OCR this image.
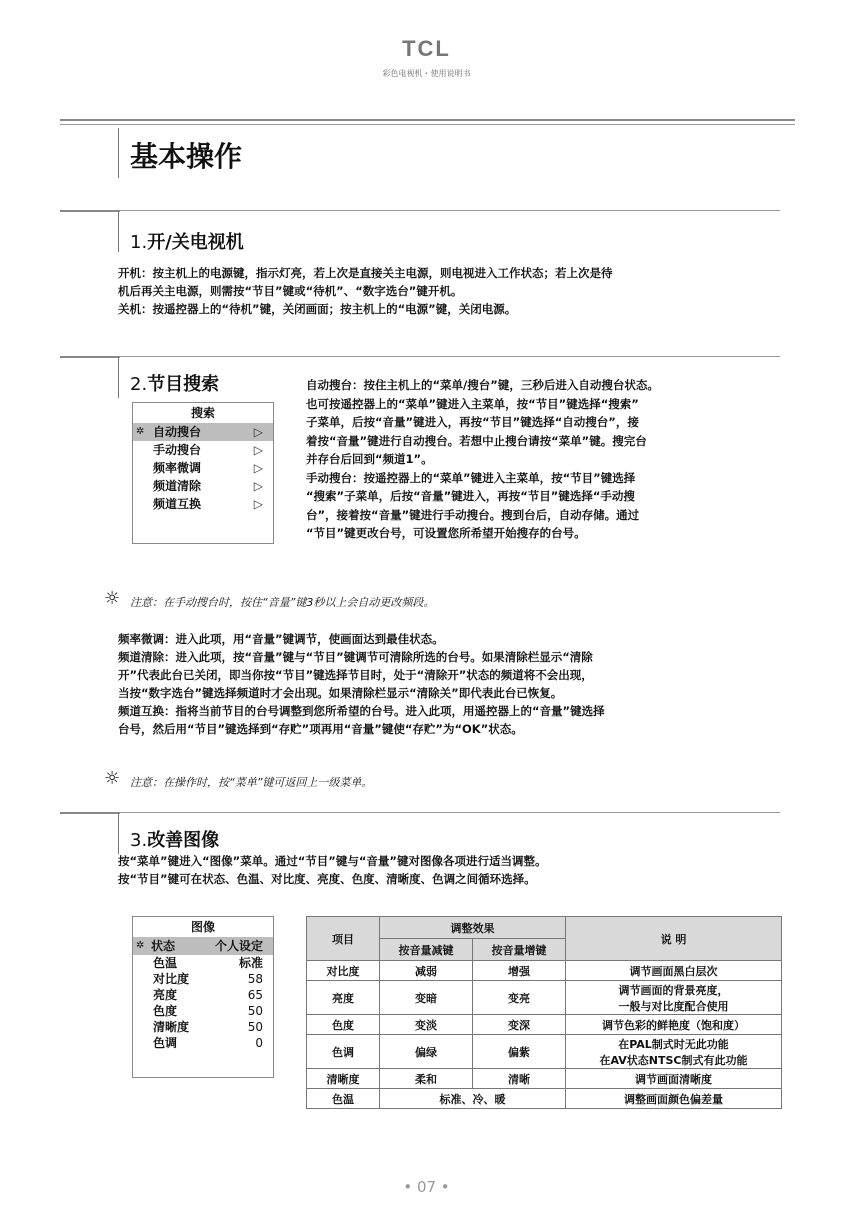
TCL
彩色电视机・使用说明书
基本操作
1.开/关电视机
开机：按主机上的电源键，指示灯亮，若上次是直接关主电源，则电视进入工作状态；若上次是待
机后再关主电源，则需按“节目”键或“待机”、“数字选台”键开机。
关机：按遥控器上的“待机”键，关闭画面；按主机上的“电源”键，关闭电源。
2.节目搜索
搜索
✲ 自动搜台	▷
手动搜台	▷
频率微调	▷
频道清除	▷
频道互换	▷
自动搜台：按住主机上的“菜单/搜台”键，三秒后进入自动搜台状态。
也可按遥控器上的“菜单”键进入主菜单，按“节目”键选择“搜索”
子菜单，后按“音量”键进入，再按“节目”键选择“自动搜台”，接
着按“音量”键进行自动搜台。若想中止搜台请按“菜单”键。搜完台
并存台后回到“频道1”。
手动搜台：按遥控器上的“菜单”键进入主菜单，按“节目”键选择
“搜索”子菜单，后按“音量”键进入，再按“节目”键选择“手动搜
台”，接着按“音量”键进行手动搜台。搜到台后，自动存储。通过
“节目”键更改台号，可设置您所希望开始搜存的台号。
☼ 注意：在手动搜台时，按住“音量”键3秒以上会自动更改频段。
频率微调：进入此项，用“音量”键调节，使画面达到最佳状态。
频道清除：进入此项，按“音量”键与“节目”键调节可清除所选的台号。如果清除栏显示“清除
开”代表此台已关闭，即当你按“节目”键选择节目时，处于“清除开”状态的频道将不会出现，
当按“数字选台”键选择频道时才会出现。如果清除栏显示“清除关”即代表此台已恢复。
频道互换：指将当前节目的台号调整到您所希望的台号。进入此项，用遥控器上的“音量”键选择
台号，然后用“节目”键选择到“存贮”项再用“音量”键使“存贮”为“OK”状态。
☼ 注意：在操作时，按“菜单”键可返回上一级菜单。
3.改善图像
按“菜单”键进入“图像”菜单。通过“节目”键与“音量”键对图像各项进行适当调整。
按“节目”键可在状态、色温、对比度、亮度、色度、清晰度、色调之间循环选择。
图像
✲ 状态	个人设定
色温	标准
对比度	58
亮度	65
色度	50
清晰度	50
色调	0
项目	调整效果		说 明
	按音量减键	按音量增键	
对比度	减弱	增强	调节画面黑白层次

亮度	变暗	变亮	调节画面的背景亮度，
一般与对比度配合使用

色度	变淡	变深	调节色彩的鲜艳度（饱和度）

色调	偏绿	偏紫	在PAL制式时无此功能
在AV状态NTSC制式有此功能

清晰度	柔和	清晰	调节画面清晰度

色温	标准、冷、暖		调整画面颜色偏差量
• 07 •
